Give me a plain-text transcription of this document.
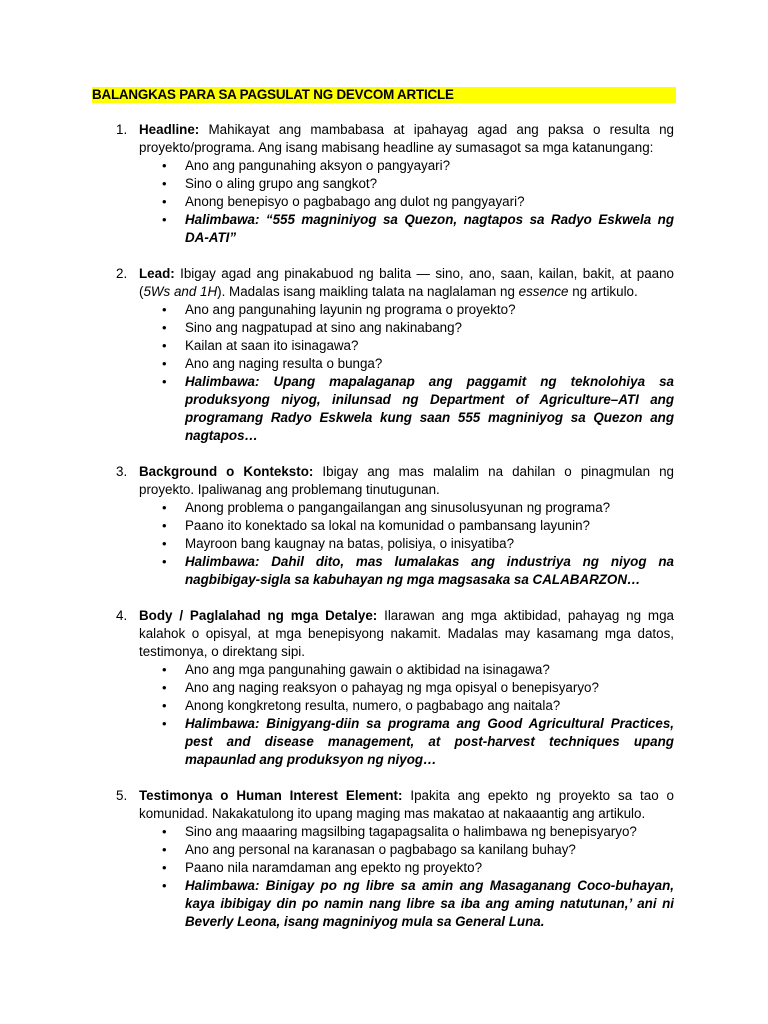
BALANGKAS PARA SA PAGSULAT NG DEVCOM ARTICLE
1. Headline: Mahikayat ang mambabasa at ipahayag agad ang paksa o resulta ng proyekto/programa. Ang isang mabisang headline ay sumasagot sa mga katanungang:
• Ano ang pangunahing aksyon o pangyayari?
• Sino o aling grupo ang sangkot?
• Anong benepisyo o pagbabago ang dulot ng pangyayari?
• Halimbawa: “555 magniniyog sa Quezon, nagtapos sa Radyo Eskwela ng DA-ATI”
2. Lead: Ibigay agad ang pinakabuod ng balita — sino, ano, saan, kailan, bakit, at paano (5Ws and 1H). Madalas isang maikling talata na naglalaman ng essence ng artikulo.
• Ano ang pangunahing layunin ng programa o proyekto?
• Sino ang nagpatupad at sino ang nakinabang?
• Kailan at saan ito isinagawa?
• Ano ang naging resulta o bunga?
• Halimbawa: Upang mapalaganap ang paggamit ng teknolohiya sa produksyong niyog, inilunsad ng Department of Agriculture–ATI ang programang Radyo Eskwela kung saan 555 magniniyog sa Quezon ang nagtapos…
3. Background o Konteksto: Ibigay ang mas malalim na dahilan o pinagmulan ng proyekto. Ipaliwanag ang problemang tinutugunan.
• Anong problema o pangangailangan ang sinusolusyunan ng programa?
• Paano ito konektado sa lokal na komunidad o pambansang layunin?
• Mayroon bang kaugnay na batas, polisiya, o inisyatiba?
• Halimbawa: Dahil dito, mas lumalakas ang industriya ng niyog na nagbibigay-sigla sa kabuhayan ng mga magsasaka sa CALABARZON…
4. Body / Paglalahad ng mga Detalye: Ilarawan ang mga aktibidad, pahayag ng mga kalahok o opisyal, at mga benepisyong nakamit. Madalas may kasamang mga datos, testimonya, o direktang sipi.
• Ano ang mga pangunahing gawain o aktibidad na isinagawa?
• Ano ang naging reaksyon o pahayag ng mga opisyal o benepisyaryo?
• Anong kongkretong resulta, numero, o pagbabago ang naitala?
• Halimbawa: Binigyang-diin sa programa ang Good Agricultural Practices, pest and disease management, at post-harvest techniques upang mapaunlad ang produksyon ng niyog…
5. Testimonya o Human Interest Element: Ipakita ang epekto ng proyekto sa tao o komunidad. Nakakatulong ito upang maging mas makatao at nakaaantig ang artikulo.
• Sino ang maaaring magsilbing tagapagsalita o halimbawa ng benepisyaryo?
• Ano ang personal na karanasan o pagbabago sa kanilang buhay?
• Paano nila naramdaman ang epekto ng proyekto?
• Halimbawa: Binigay po ng libre sa amin ang Masaganang Coco-buhayan, kaya ibibigay din po namin nang libre sa iba ang aming natutunan,’ ani ni Beverly Leona, isang magniniyog mula sa General Luna.
